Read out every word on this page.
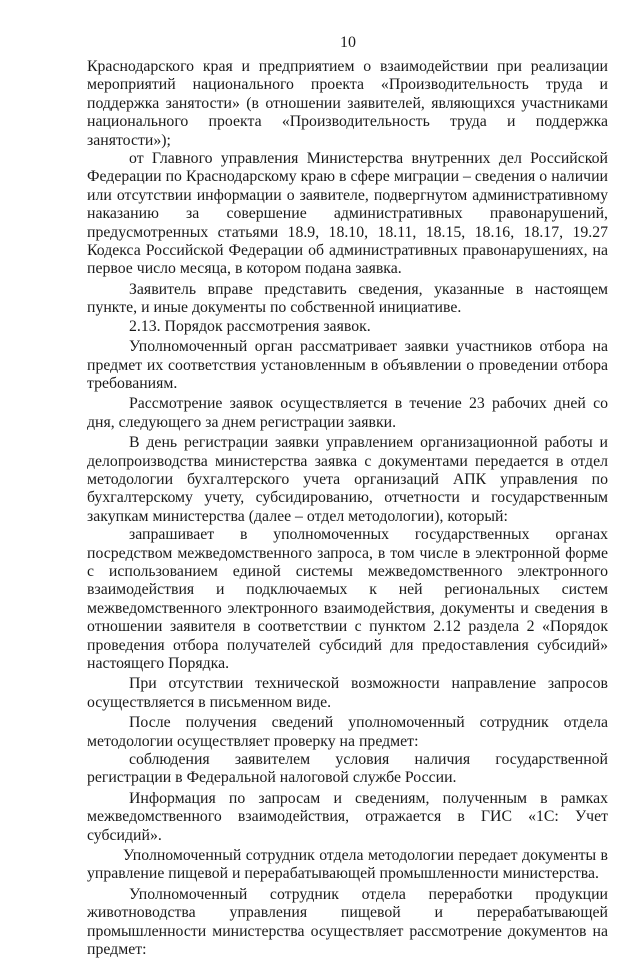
10

Краснодарского края и предприятием о взаимодействии при реализации мероприятий национального проекта «Производительность труда и поддержка занятости» (в отношении заявителей, являющихся участниками национального проекта «Производительность труда и поддержка занятости»);

от Главного управления Министерства внутренних дел Российской Федерации по Краснодарскому краю в сфере миграции – сведения о наличии или отсутствии информации о заявителе, подвергнутом административному наказанию за совершение административных правонарушений, предусмотренных статьями 18.9, 18.10, 18.11, 18.15, 18.16, 18.17, 19.27 Кодекса Российской Федерации об административных правонарушениях, на первое число месяца, в котором подана заявка.

Заявитель вправе представить сведения, указанные в настоящем пункте, и иные документы по собственной инициативе.

2.13. Порядок рассмотрения заявок.

Уполномоченный орган рассматривает заявки участников отбора на предмет их соответствия установленным в объявлении о проведении отбора требованиям.

Рассмотрение заявок осуществляется в течение 23 рабочих дней со дня, следующего за днем регистрации заявки.

В день регистрации заявки управлением организационной работы и делопроизводства министерства заявка с документами передается в отдел методологии бухгалтерского учета организаций АПК управления по бухгалтерскому учету, субсидированию, отчетности и государственным закупкам министерства (далее – отдел методологии), который:

запрашивает в уполномоченных государственных органах посредством межведомственного запроса, в том числе в электронной форме с использованием единой системы межведомственного электронного взаимодействия и подключаемых к ней региональных систем межведомственного электронного взаимодействия, документы и сведения в отношении заявителя в соответствии с пунктом 2.12 раздела 2 «Порядок проведения отбора получателей субсидий для предоставления субсидий» настоящего Порядка.

При отсутствии технической возможности направление запросов осуществляется в письменном виде.

После получения сведений уполномоченный сотрудник отдела методологии осуществляет проверку на предмет:

соблюдения заявителем условия наличия государственной регистрации в Федеральной налоговой службе России.

Информация по запросам и сведениям, полученным в рамках межведомственного взаимодействия, отражается в ГИС «1С: Учет субсидий».

Уполномоченный сотрудник отдела методологии передает документы в управление пищевой и перерабатывающей промышленности министерства.

Уполномоченный сотрудник отдела переработки продукции животноводства управления пищевой и перерабатывающей промышленности министерства осуществляет рассмотрение документов на предмет:
